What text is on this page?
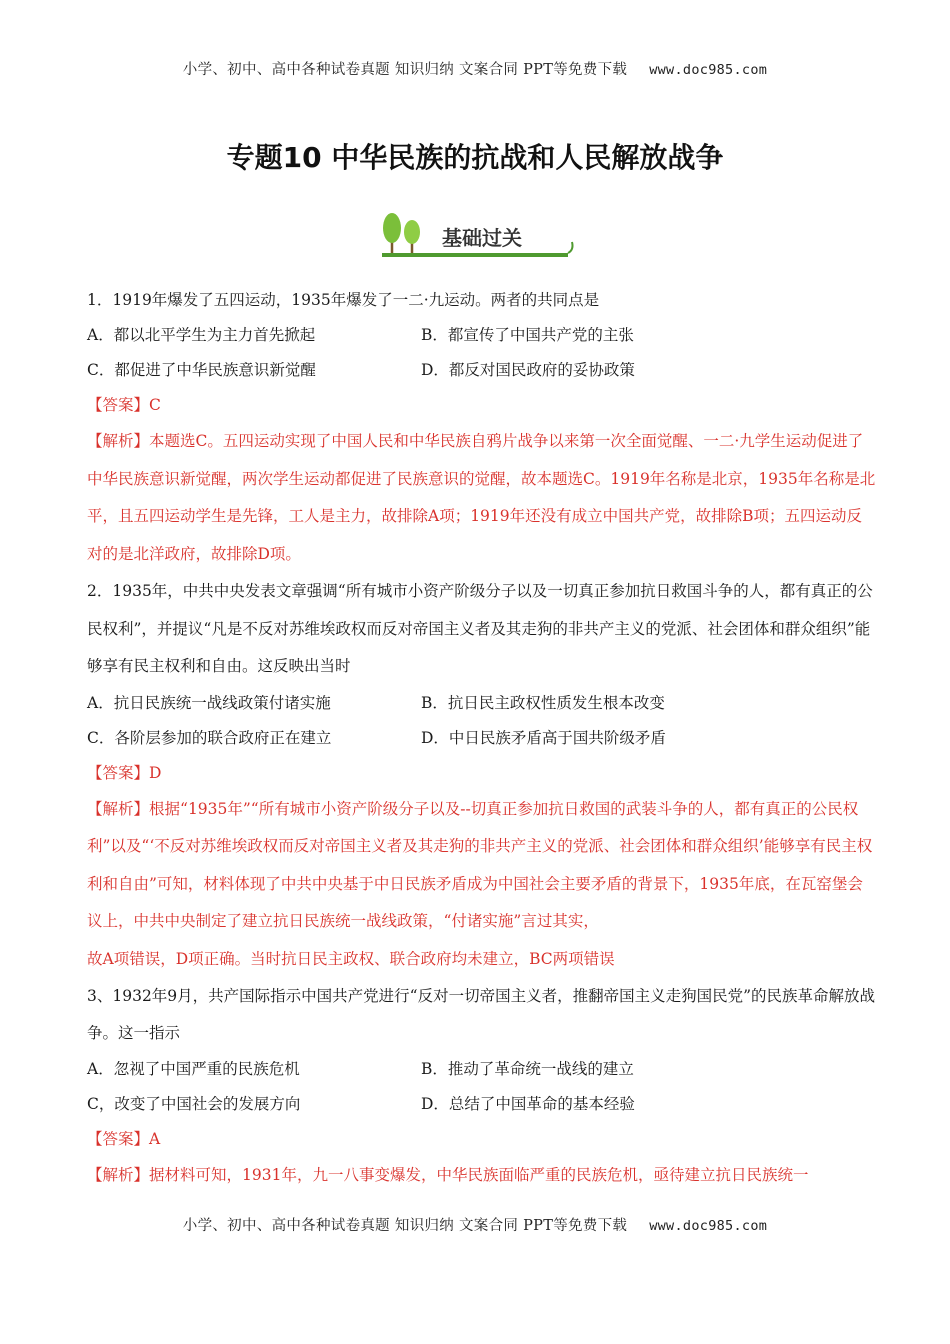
小学、初中、高中各种试卷真题 知识归纳 文案合同 PPT等免费下载 www.doc985.com
专题10 中华民族的抗战和人民解放战争
基础过关

1．1919年爆发了五四运动，1935年爆发了一二·九运动。两者的共同点是

A．都以北平学生为主力首先掀起	B．都宣传了中国共产党的主张
C．都促进了中华民族意识新觉醒	D．都反对国民政府的妥协政策

【答案】C

【解析】本题选C。五四运动实现了中国人民和中华民族自鸦片战争以来第一次全面觉醒、一二·九学生运动促进了中华民族意识新觉醒，两次学生运动都促进了民族意识的觉醒，故本题选C。1919年名称是北京，1935年名称是北平，且五四运动学生是先锋，工人是主力，故排除A项；1919年还没有成立中国共产党，故排除B项；五四运动反对的是北洋政府，故排除D项。

2．1935年，中共中央发表文章强调“所有城市小资产阶级分子以及一切真正参加抗日救国斗争的人，都有真正的公民权利”，并提议“凡是不反对苏维埃政权而反对帝国主义者及其走狗的非共产主义的党派、社会团体和群众组织”能够享有民主权利和自由。这反映出当时

A．抗日民族统一战线政策付诸实施	B．抗日民主政权性质发生根本改变
C．各阶层参加的联合政府正在建立	D．中日民族矛盾高于国共阶级矛盾

【答案】D

【解析】根据“1935年”“所有城市小资产阶级分子以及--切真正参加抗日救国的武装斗争的人，都有真正的公民权利”以及“‘不反对苏维埃政权而反对帝国主义者及其走狗的非共产主义的党派、社会团体和群众组织’能够享有民主权利和自由”可知，材料体现了中共中央基于中日民族矛盾成为中国社会主要矛盾的背景下，1935年底，在瓦窑堡会议上，中共中央制定了建立抗日民族统一战线政策，“付诸实施”言过其实，

故A项错误，D项正确。当时抗日民主政权、联合政府均未建立，BC两项错误

3、1932年9月，共产国际指示中国共产党进行“反对一切帝国主义者，推翻帝国主义走狗国民党”的民族革命解放战争。这一指示

A．忽视了中国严重的民族危机	B．推动了革命统一战线的建立
C，改变了中国社会的发展方向	D．总结了中国革命的基本经验

【答案】A

【解析】据材料可知，1931年，九一八事变爆发，中华民族面临严重的民族危机，亟待建立抗日民族统一

小学、初中、高中各种试卷真题 知识归纳 文案合同 PPT等免费下载 www.doc985.com
